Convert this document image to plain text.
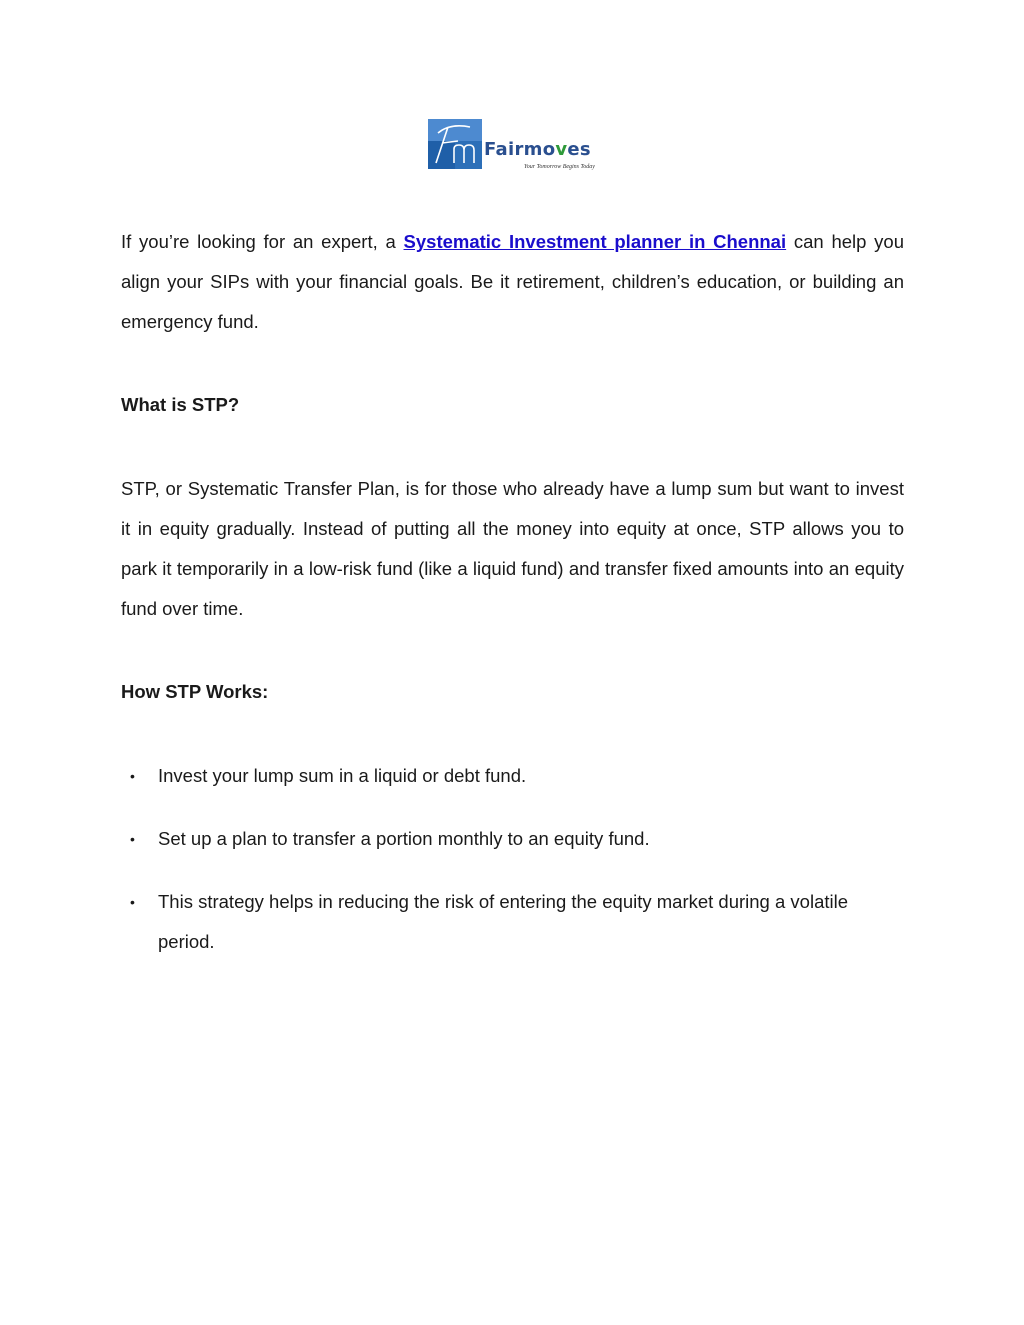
Fairmoves
Your Tomorrow Begins Today

If you’re looking for an expert, a Systematic Investment planner in Chennai can help you align your SIPs with your financial goals. Be it retirement, children’s education, or building an emergency fund.

What is STP?

STP, or Systematic Transfer Plan, is for those who already have a lump sum but want to invest it in equity gradually. Instead of putting all the money into equity at once, STP allows you to park it temporarily in a low-risk fund (like a liquid fund) and transfer fixed amounts into an equity fund over time.

How STP Works:
• Invest your lump sum in a liquid or debt fund.
• Set up a plan to transfer a portion monthly to an equity fund.
• This strategy helps in reducing the risk of entering the equity market during a volatile period.
